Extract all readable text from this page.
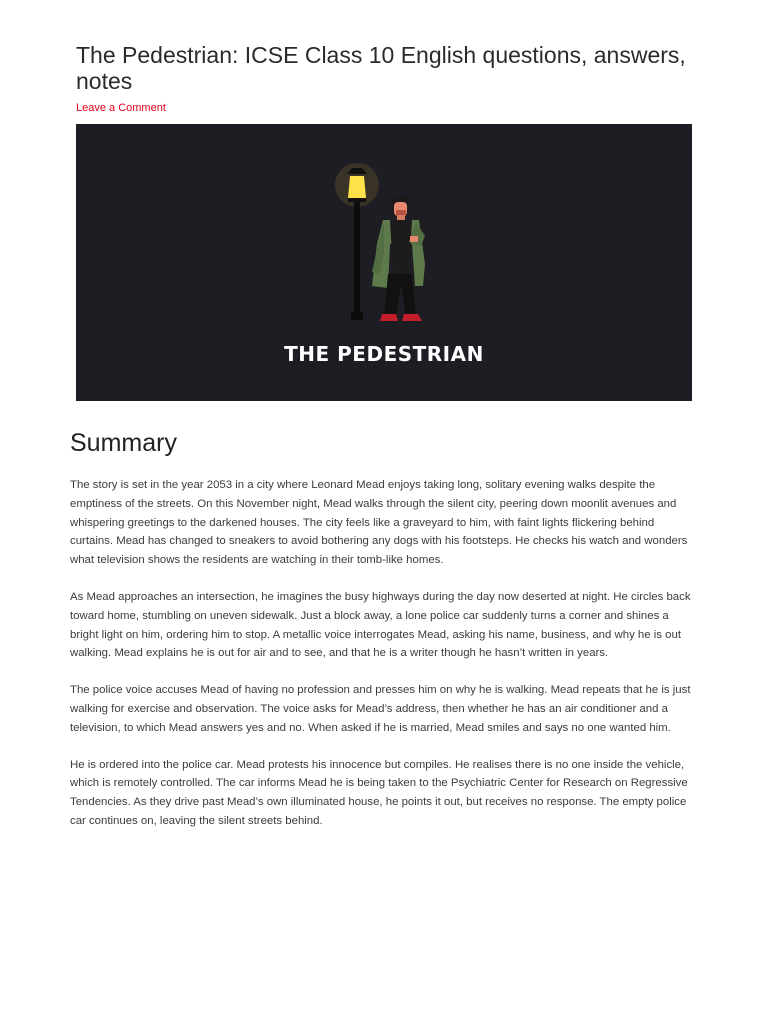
The Pedestrian: ICSE Class 10 English questions, answers, notes
Leave a Comment
THE PEDESTRIAN
Summary

The story is set in the year 2053 in a city where Leonard Mead enjoys taking long, solitary evening walks despite the emptiness of the streets. On this November night, Mead walks through the silent city, peering down moonlit avenues and whispering greetings to the darkened houses. The city feels like a graveyard to him, with faint lights flickering behind curtains. Mead has changed to sneakers to avoid bothering any dogs with his footsteps. He checks his watch and wonders what television shows the residents are watching in their tomb-like homes.

As Mead approaches an intersection, he imagines the busy highways during the day now deserted at night. He circles back toward home, stumbling on uneven sidewalk. Just a block away, a lone police car suddenly turns a corner and shines a bright light on him, ordering him to stop. A metallic voice interrogates Mead, asking his name, business, and why he is out walking. Mead explains he is out for air and to see, and that he is a writer though he hasn’t written in years.

The police voice accuses Mead of having no profession and presses him on why he is walking. Mead repeats that he is just walking for exercise and observation. The voice asks for Mead’s address, then whether he has an air conditioner and a television, to which Mead answers yes and no. When asked if he is married, Mead smiles and says no one wanted him.

He is ordered into the police car. Mead protests his innocence but compiles. He realises there is no one inside the vehicle, which is remotely controlled. The car informs Mead he is being taken to the Psychiatric Center for Research on Regressive Tendencies. As they drive past Mead’s own illuminated house, he points it out, but receives no response. The empty police car continues on, leaving the silent streets behind.
